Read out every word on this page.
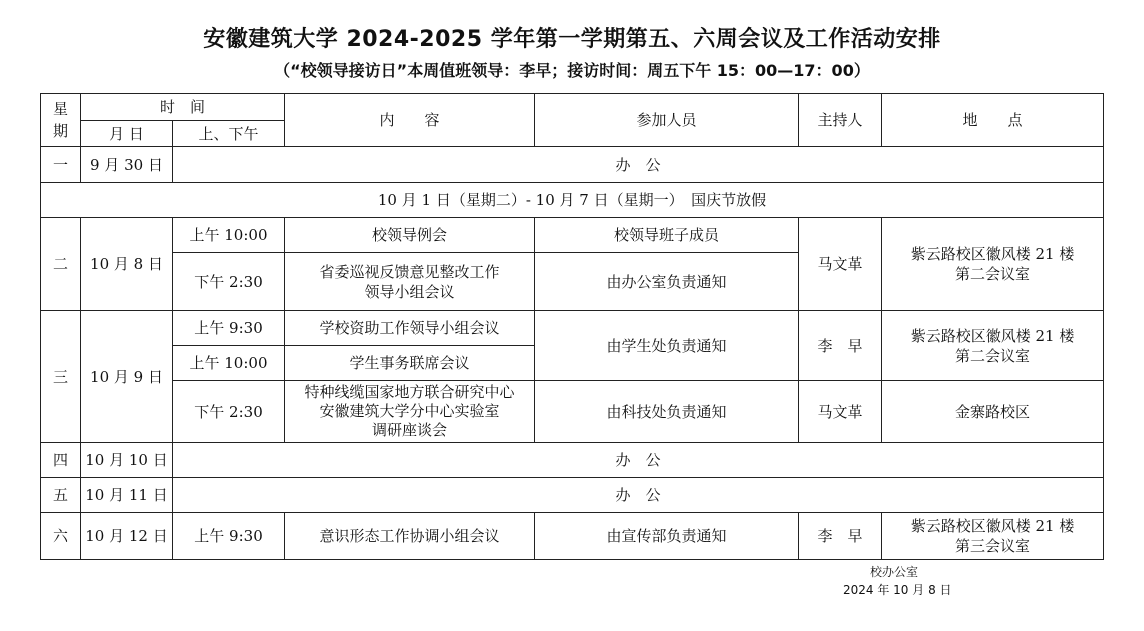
安徽建筑大学 2024-2025 学年第一学期第五、六周会议及工作活动安排
（“校领导接访日”本周值班领导：李早；接访时间：周五下午 15：00—17：00）
星
期	时　间		内　　容	参加人员	主持人	地　　点
	月 日	上、下午				
一	9 月 30 日	办　公				
10 月 1 日（星期二）- 10 月 7 日（星期一）　国庆节放假						
二	10 月 8 日	上午 10:00	校领导例会	校领导班子成员	马文革	紫云路校区徽风楼 21 楼
第二会议室
		下午 2:30	省委巡视反馈意见整改工作
领导小组会议	由办公室负责通知		
三	10 月 9 日	上午 9:30	学校资助工作领导小组会议	由学生处负责通知	李　早	紫云路校区徽风楼 21 楼
第二会议室
		上午 10:00	学生事务联席会议			
		下午 2:30	特种线缆国家地方联合研究中心
安徽建筑大学分中心实验室
调研座谈会	由科技处负责通知	马文革	金寨路校区
四	10 月 10 日	办　公				
五	10 月 11 日	办　公				
六	10 月 12 日	上午 9:30	意识形态工作协调小组会议	由宣传部负责通知	李　早	紫云路校区徽风楼 21 楼
第三会议室
校办公室
2024 年 10 月 8 日
